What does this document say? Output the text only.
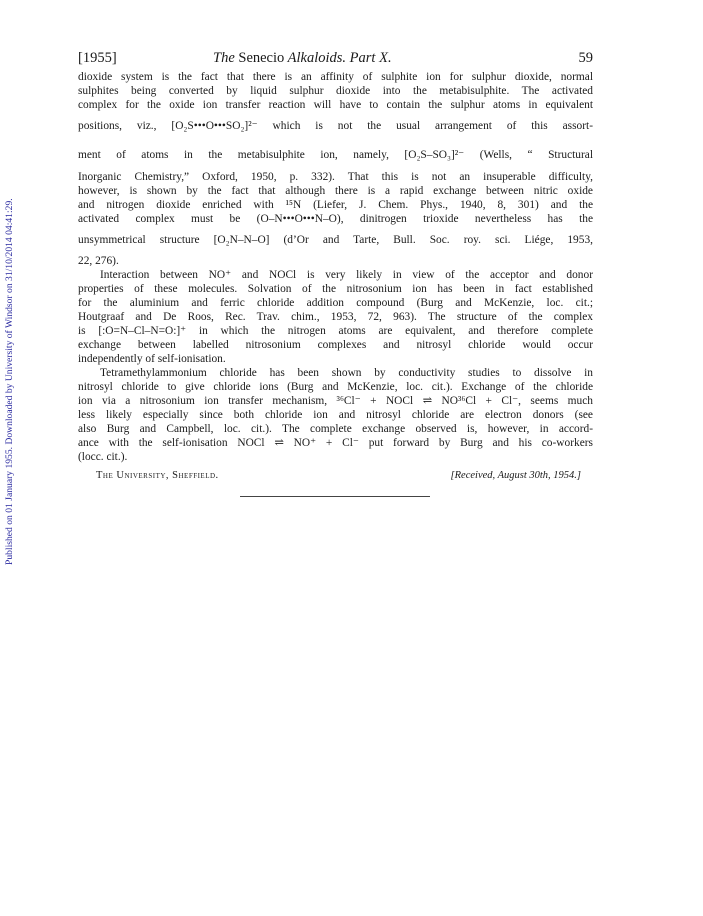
Published on 01 January 1955. Downloaded by University of Windsor on 31/10/2014 04:41:29.
[1955]	The Senecio Alkaloids. Part X.	59
dioxide system is the fact that there is an affinity of sulphite ion for sulphur dioxide, normal
sulphites being converted by liquid sulphur dioxide into the metabisulphite. The activated
complex for the oxide ion transfer reaction will have to contain the sulphur atoms in equivalent
positions, viz., [O₂S•••O•••SO₂]²⁻ which is not the usual arrangement of this assort-
ment of atoms in the metabisulphite ion, namely, [O₂S–SO₃]²⁻ (Wells, “ Structural
Inorganic Chemistry,” Oxford, 1950, p. 332). That this is not an insuperable difficulty,
however, is shown by the fact that although there is a rapid exchange between nitric oxide
and nitrogen dioxide enriched with ¹⁵N (Liefer, J. Chem. Phys., 1940, 8, 301) and the
activated complex must be (O–N•••O•••N–O), dinitrogen trioxide nevertheless has the
unsymmetrical structure [O₂N–N–O] (d’Or and Tarte, Bull. Soc. roy. sci. Liége, 1953,
22, 276).
Interaction between NO⁺ and NOCl is very likely in view of the acceptor and donor
properties of these molecules. Solvation of the nitrosonium ion has been in fact established
for the aluminium and ferric chloride addition compound (Burg and McKenzie, loc. cit.;
Houtgraaf and De Roos, Rec. Trav. chim., 1953, 72, 963). The structure of the complex
is [:O=N–Cl–N=O:]⁺ in which the nitrogen atoms are equivalent, and therefore complete
exchange between labelled nitrosonium complexes and nitrosyl chloride would occur
independently of self-ionisation.
Tetramethylammonium chloride has been shown by conductivity studies to dissolve in
nitrosyl chloride to give chloride ions (Burg and McKenzie, loc. cit.). Exchange of the chloride
ion via a nitrosonium ion transfer mechanism, ³⁶Cl⁻ + NOCl ⇌ NO³⁶Cl + Cl⁻, seems much
less likely especially since both chloride ion and nitrosyl chloride are electron donors (see
also Burg and Campbell, loc. cit.). The complete exchange observed is, however, in accord-
ance with the self-ionisation NOCl ⇌ NO⁺ + Cl⁻ put forward by Burg and his co-workers
(locc. cit.).
The University, Sheffield.	[Received, August 30th, 1954.]
